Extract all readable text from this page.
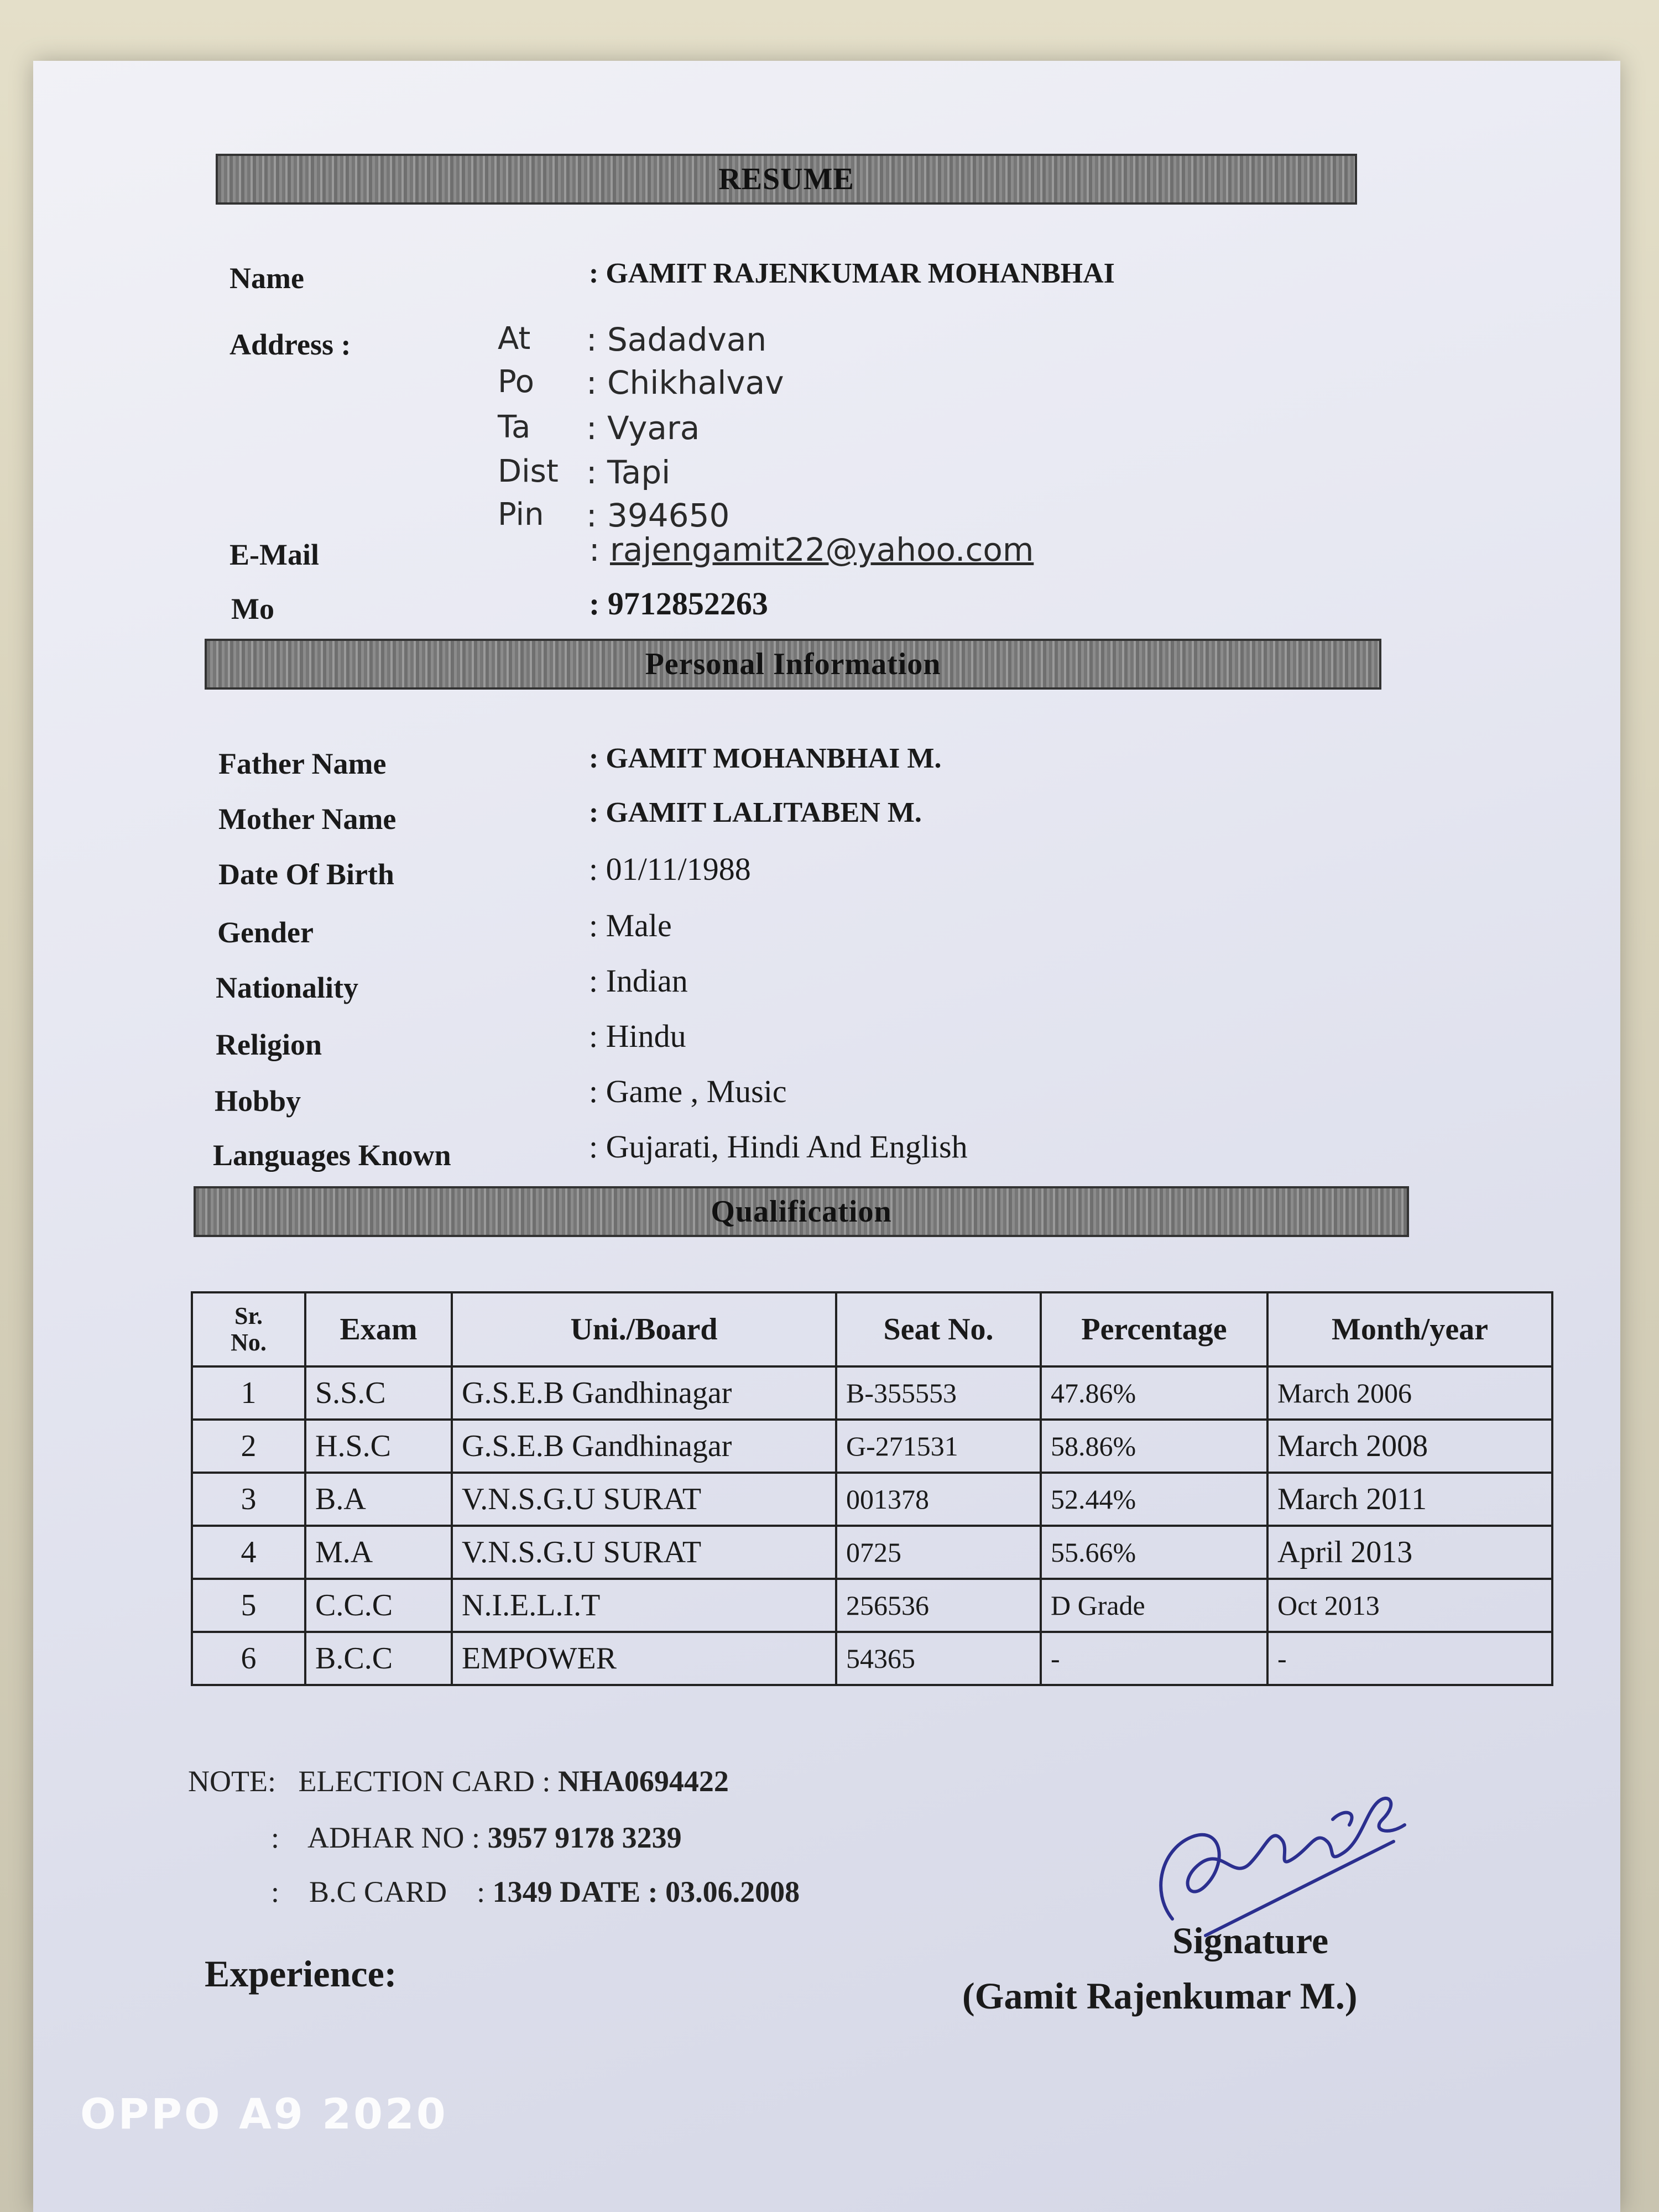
RESUME
Name	: GAMIT RAJENKUMAR MOHANBHAI
Address :	At : Sadadvan
Po : Chikhalvav
Ta : Vyara
Dist : Tapi
Pin : 394650
E-Mail	: rajengamit22@yahoo.com
Mo	: 9712852263
Personal Information
Father Name	: GAMIT MOHANBHAI M.
Mother Name	: GAMIT LALITABEN M.
Date Of Birth	: 01/11/1988
Gender	: Male
Nationality	: Indian
Religion	: Hindu
Hobby	: Game , Music
Languages Known	: Gujarati, Hindi And English
Qualification
Sr.
No.	Exam	Uni./Board	Seat No.	Percentage	Month/year
1	S.S.C	G.S.E.B Gandhinagar	B-355553	47.86%	March 2006
2	H.S.C	G.S.E.B Gandhinagar	G-271531	58.86%	March 2008
3	B.A	V.N.S.G.U SURAT	001378	52.44%	March 2011
4	M.A	V.N.S.G.U SURAT	0725	55.66%	April 2013
5	C.C.C	N.I.E.L.I.T	256536	D Grade	Oct 2013
6	B.C.C	EMPOWER	54365	-	-
NOTE: ELECTION CARD : NHA0694422
: ADHAR NO : 3957 9178 3239
: B.C CARD : 1349 DATE : 03.06.2008
Experience:
Signature
(Gamit Rajenkumar M.)
OPPO A9 2020
